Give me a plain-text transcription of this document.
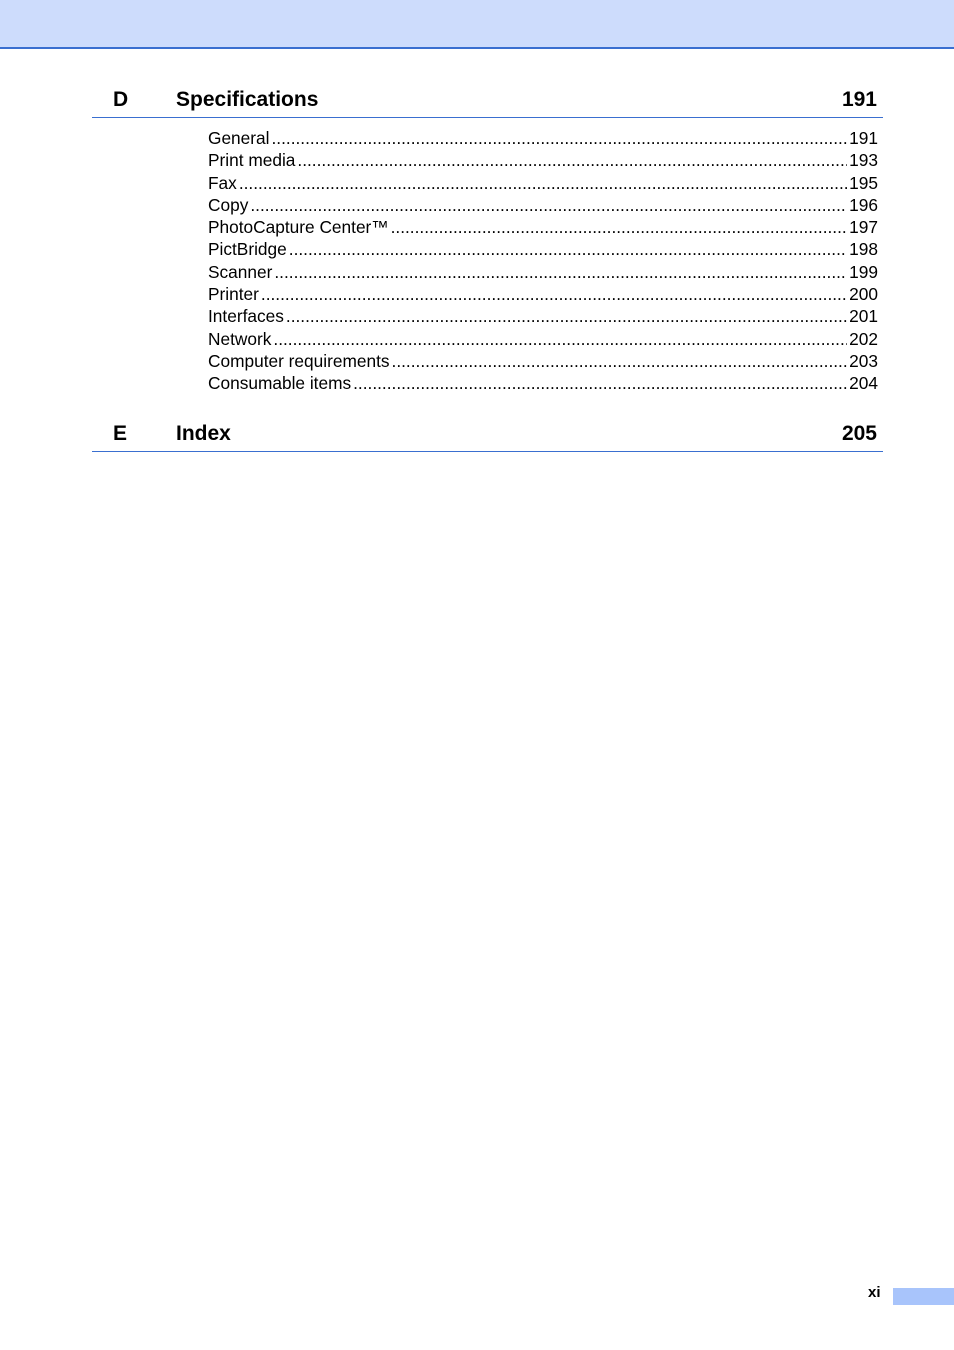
D Specifications	191
General .....	191
Print media .....	193
Fax .....	195
Copy .....	196
PhotoCapture Center™ .....	197
PictBridge .....	198
Scanner .....	199
Printer .....	200
Interfaces .....	201
Network .....	202
Computer requirements .....	203
Consumable items .....	204
E Index	205
xi
